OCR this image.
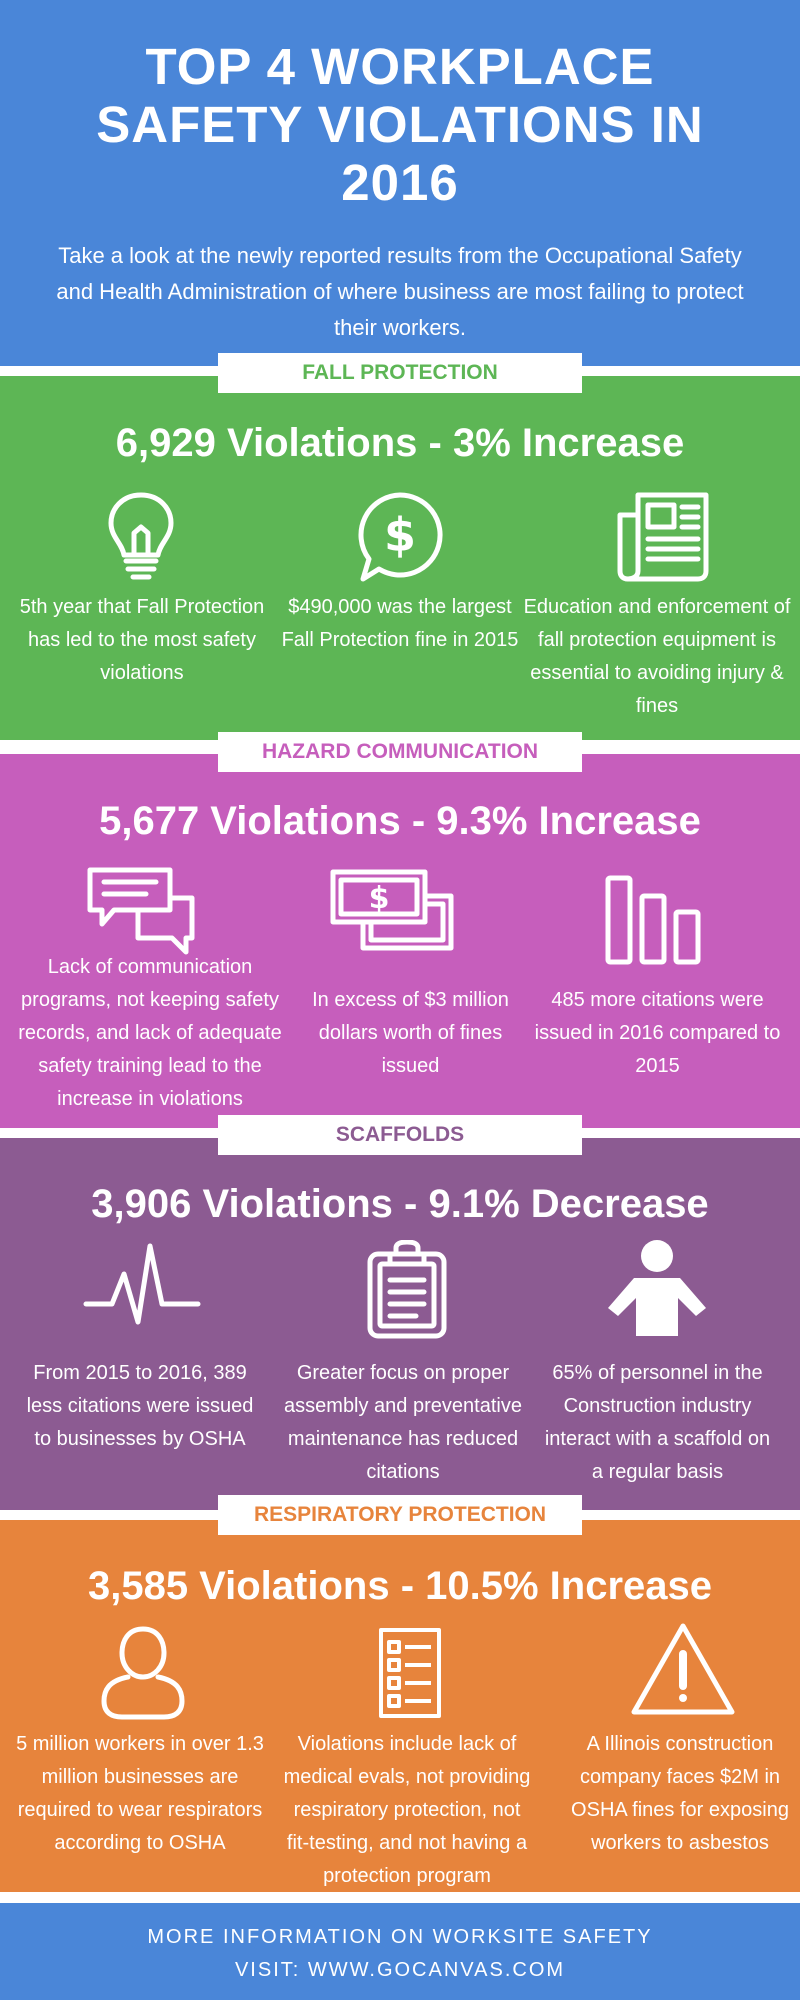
TOP 4 WORKPLACE SAFETY VIOLATIONS IN 2016
Take a look at the newly reported results from the Occupational Safety and Health Administration of where business are most failing to protect their workers.
FALL PROTECTION
6,929 Violations - 3% Increase
$
5th year that Fall Protection has led to the most safety violations
$490,000 was the largest Fall Protection fine in 2015
Education and enforcement of fall protection equipment is essential to avoiding injury & fines
HAZARD COMMUNICATION
5,677 Violations - 9.3% Increase
$
Lack of communication programs, not keeping safety records, and lack of adequate safety training lead to the increase in violations
In excess of $3 million dollars worth of fines issued
485 more citations were issued in 2016 compared to 2015
SCAFFOLDS
3,906 Violations - 9.1% Decrease
From 2015 to 2016, 389 less citations were issued to businesses by OSHA
Greater focus on proper assembly and preventative maintenance has reduced citations
65% of personnel in the Construction industry interact with a scaffold on a regular basis
RESPIRATORY PROTECTION
3,585 Violations - 10.5% Increase
5 million workers in over 1.3 million businesses are required to wear respirators according to OSHA
Violations include lack of medical evals, not providing respiratory protection, not fit-testing, and not having a protection program
A Illinois construction company faces $2M in OSHA fines for exposing workers to asbestos
MORE INFORMATION ON WORKSITE SAFETY
VISIT: WWW.GOCANVAS.COM
